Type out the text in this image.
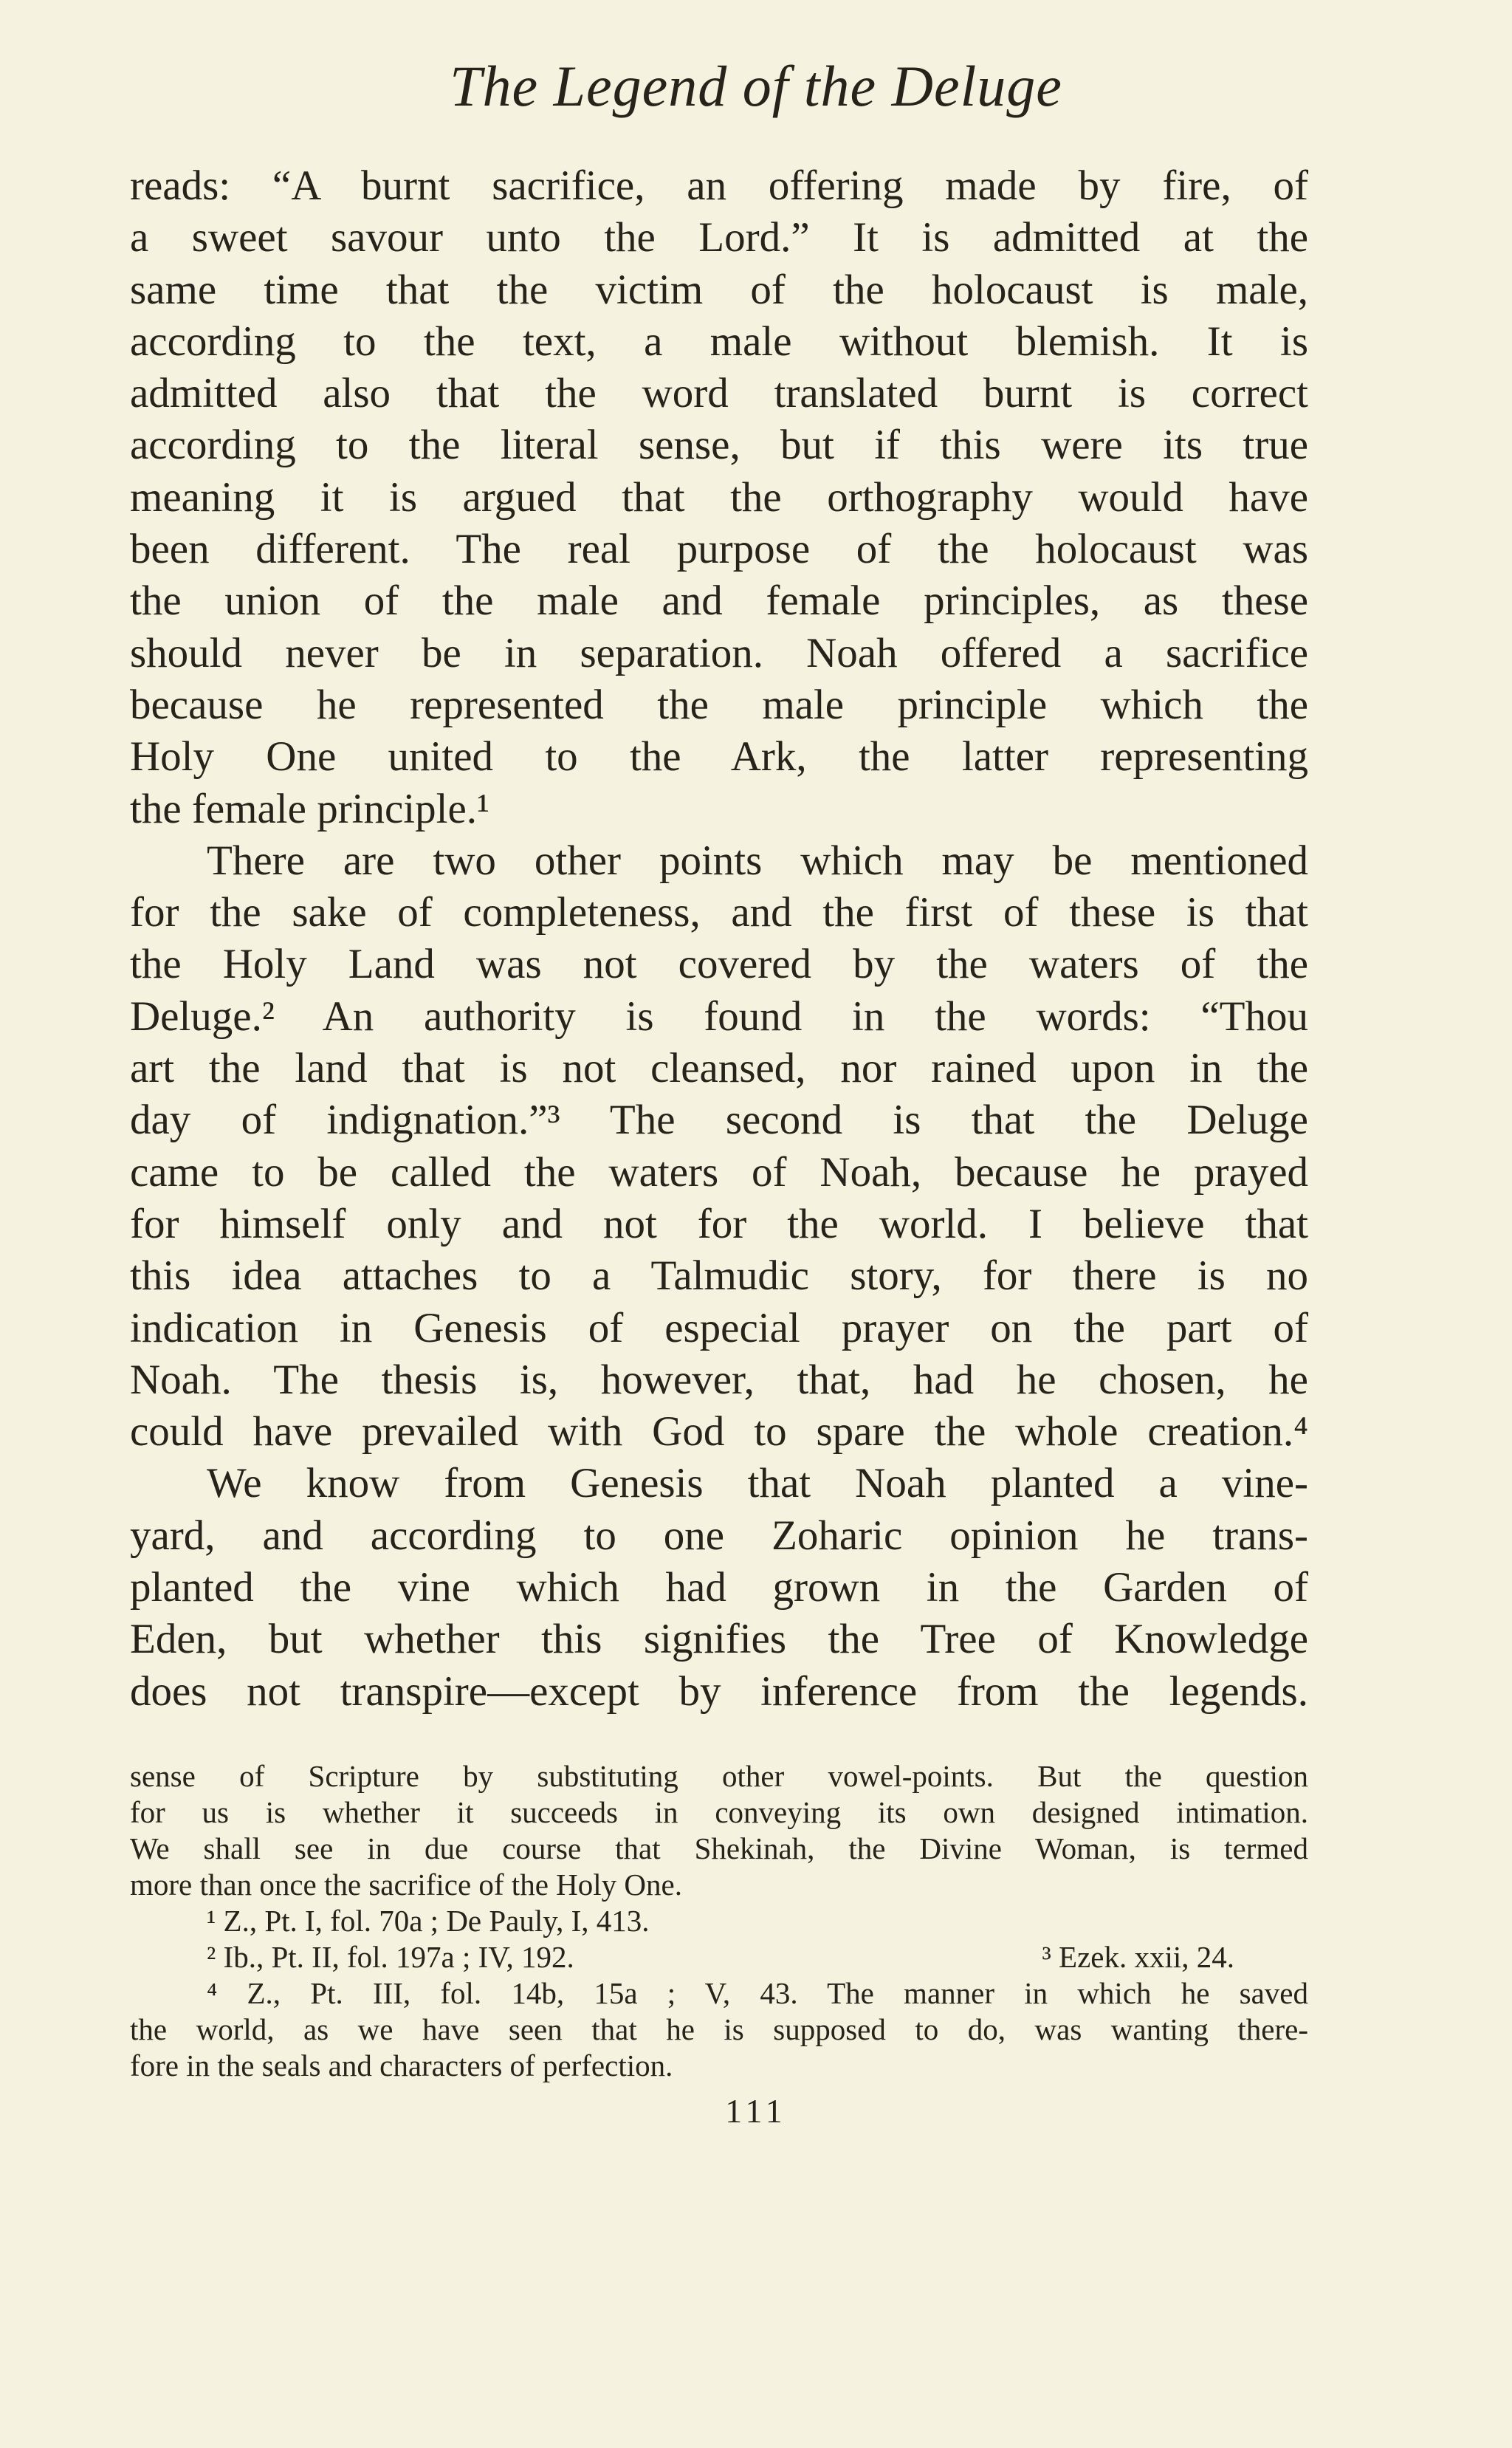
The Legend of the Deluge
reads: “A burnt sacrifice, an offering made by fire, of
a sweet savour unto the Lord.” It is admitted at the
same time that the victim of the holocaust is male,
according to the text, a male without blemish. It is
admitted also that the word translated burnt is correct
according to the literal sense, but if this were its true
meaning it is argued that the orthography would have
been different. The real purpose of the holocaust was
the union of the male and female principles, as these
should never be in separation. Noah offered a sacrifice
because he represented the male principle which the
Holy One united to the Ark, the latter representing
the female principle.¹
There are two other points which may be mentioned
for the sake of completeness, and the first of these is that
the Holy Land was not covered by the waters of the
Deluge.² An authority is found in the words: “Thou
art the land that is not cleansed, nor rained upon in the
day of indignation.”³ The second is that the Deluge
came to be called the waters of Noah, because he prayed
for himself only and not for the world. I believe that
this idea attaches to a Talmudic story, for there is no
indication in Genesis of especial prayer on the part of
Noah. The thesis is, however, that, had he chosen, he
could have prevailed with God to spare the whole creation.⁴
We know from Genesis that Noah planted a vine-
yard, and according to one Zoharic opinion he trans-
planted the vine which had grown in the Garden of
Eden, but whether this signifies the Tree of Knowledge
does not transpire—except by inference from the legends.
sense of Scripture by substituting other vowel-points. But the question
for us is whether it succeeds in conveying its own designed intimation.
We shall see in due course that Shekinah, the Divine Woman, is termed
more than once the sacrifice of the Holy One.
¹ Z., Pt. I, fol. 70a ; De Pauly, I, 413.
² Ib., Pt. II, fol. 197a ; IV, 192.	³ Ezek. xxii, 24.
⁴ Z., Pt. III, fol. 14b, 15a ; V, 43. The manner in which he saved
the world, as we have seen that he is supposed to do, was wanting there-
fore in the seals and characters of perfection.
111
